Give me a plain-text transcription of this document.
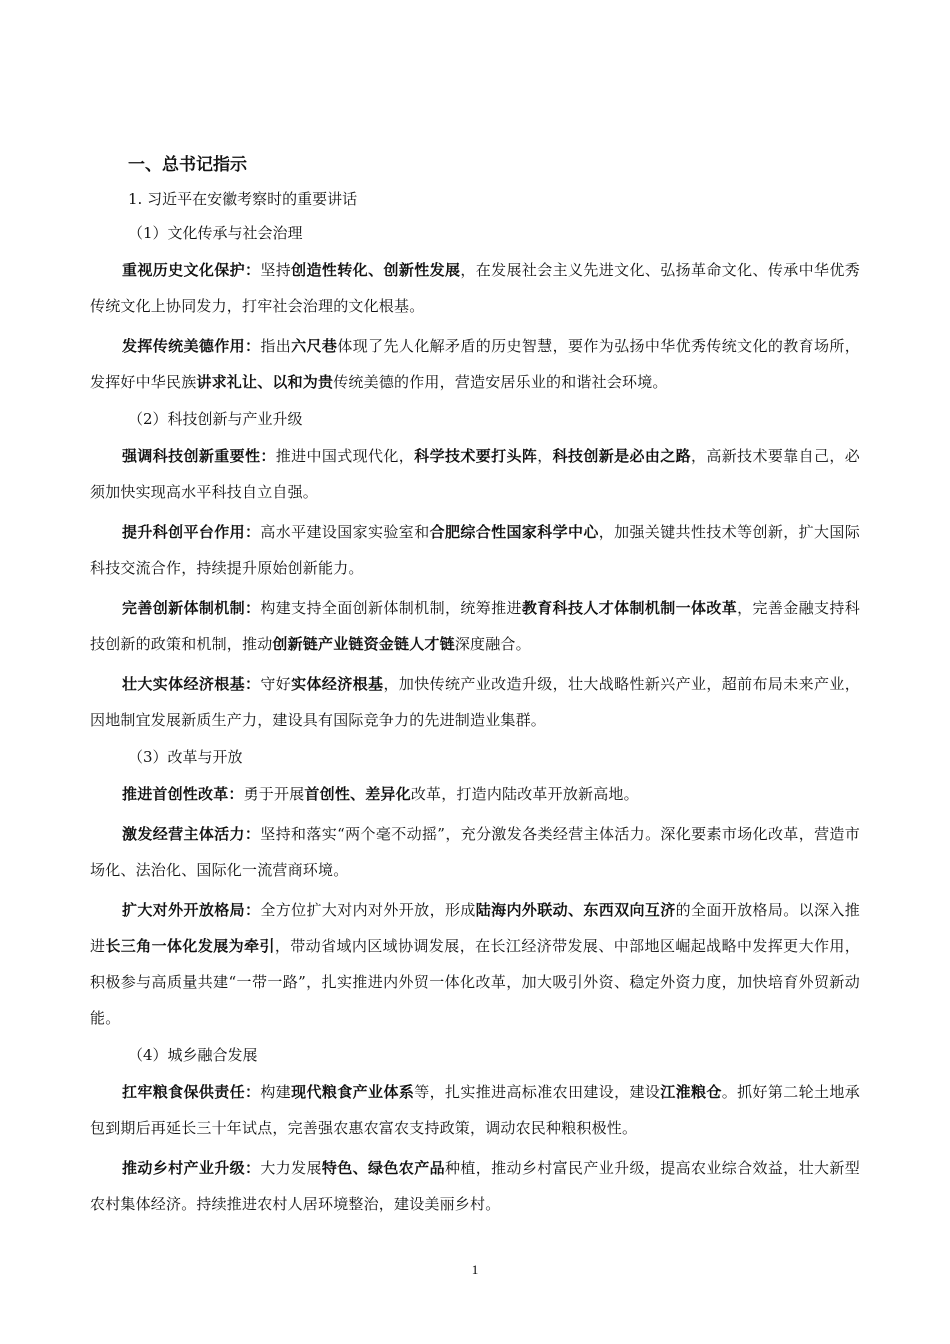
一、总书记指示
1. 习近平在安徽考察时的重要讲话
（1）文化传承与社会治理
重视历史文化保护：坚持创造性转化、创新性发展，在发展社会主义先进文化、弘扬革命文化、传承中华优秀传统文化上协同发力，打牢社会治理的文化根基。
发挥传统美德作用：指出六尺巷体现了先人化解矛盾的历史智慧，要作为弘扬中华优秀传统文化的教育场所，发挥好中华民族讲求礼让、以和为贵传统美德的作用，营造安居乐业的和谐社会环境。
（2）科技创新与产业升级
强调科技创新重要性：推进中国式现代化，科学技术要打头阵，科技创新是必由之路，高新技术要靠自己，必须加快实现高水平科技自立自强。
提升科创平台作用：高水平建设国家实验室和合肥综合性国家科学中心，加强关键共性技术等创新，扩大国际科技交流合作，持续提升原始创新能力。
完善创新体制机制：构建支持全面创新体制机制，统筹推进教育科技人才体制机制一体改革，完善金融支持科技创新的政策和机制，推动创新链产业链资金链人才链深度融合。
壮大实体经济根基：守好实体经济根基，加快传统产业改造升级，壮大战略性新兴产业，超前布局未来产业，因地制宜发展新质生产力，建设具有国际竞争力的先进制造业集群。
（3）改革与开放
推进首创性改革：勇于开展首创性、差异化改革，打造内陆改革开放新高地。
激发经营主体活力：坚持和落实“两个毫不动摇”，充分激发各类经营主体活力。深化要素市场化改革，营造市场化、法治化、国际化一流营商环境。
扩大对外开放格局：全方位扩大对内对外开放，形成陆海内外联动、东西双向互济的全面开放格局。以深入推进长三角一体化发展为牵引，带动省域内区域协调发展，在长江经济带发展、中部地区崛起战略中发挥更大作用，积极参与高质量共建“一带一路”，扎实推进内外贸一体化改革，加大吸引外资、稳定外资力度，加快培育外贸新动能。
（4）城乡融合发展
扛牢粮食保供责任：构建现代粮食产业体系等，扎实推进高标准农田建设，建设江淮粮仓。抓好第二轮土地承包到期后再延长三十年试点，完善强农惠农富农支持政策，调动农民种粮积极性。
推动乡村产业升级：大力发展特色、绿色农产品种植，推动乡村富民产业升级，提高农业综合效益，壮大新型农村集体经济。持续推进农村人居环境整治，建设美丽乡村。
1
